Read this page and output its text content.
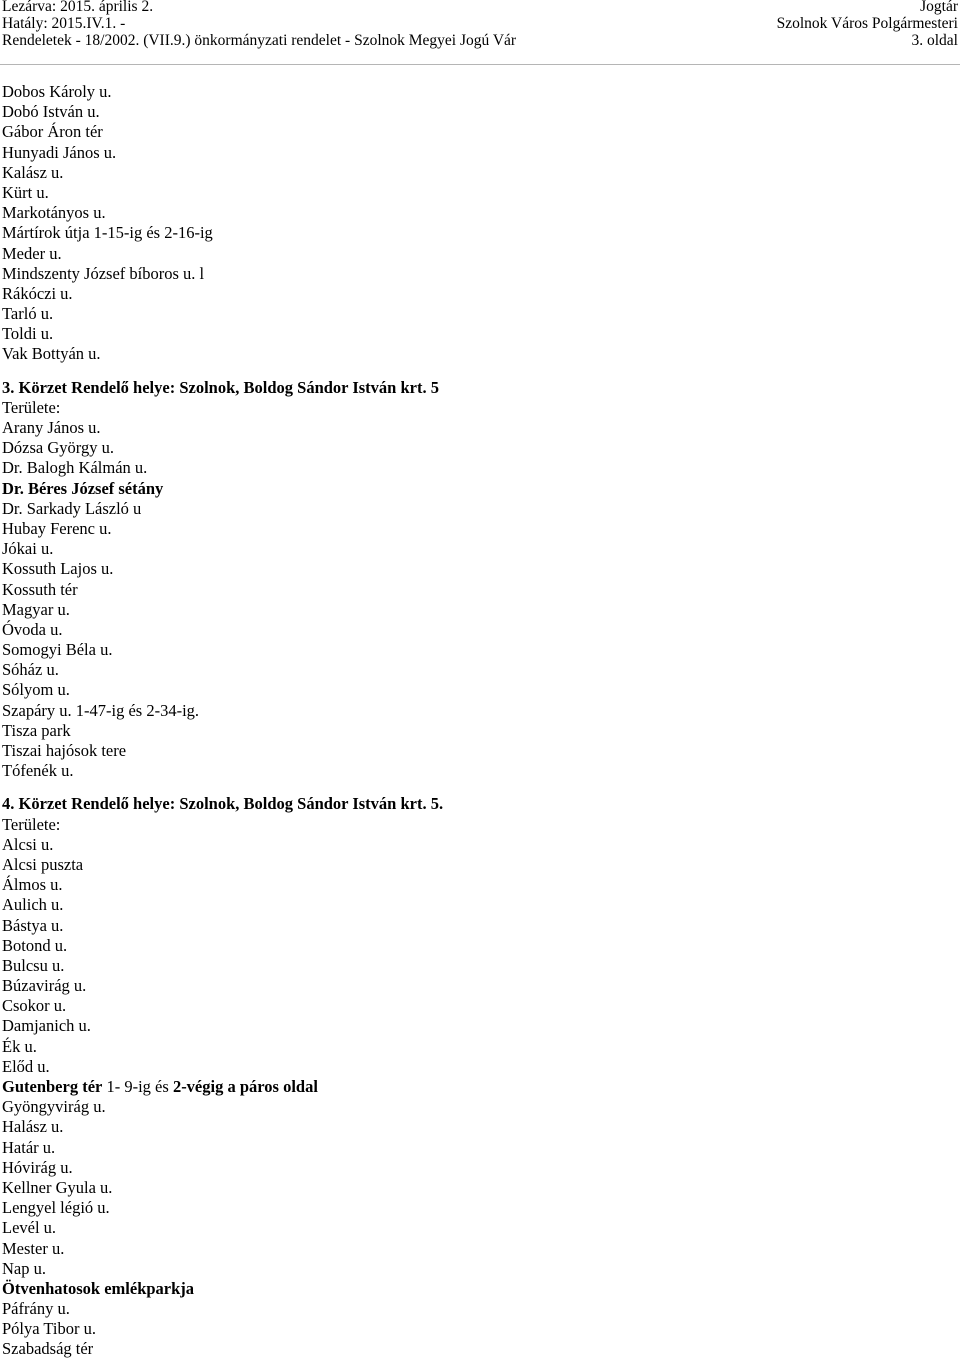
Lezárva: 2015. április 2.
Hatály: 2015.IV.1. -
Rendeletek - 18/2002. (VII.9.) önkormányzati rendelet - Szolnok Megyei Jogú Vár
Jogtár
Szolnok Város Polgármesteri
3. oldal
Dobos Károly u.
Dobó István u.
Gábor Áron tér
Hunyadi János u.
Kalász u.
Kürt u.
Markotányos u.
Mártírok útja 1-15-ig és 2-16-ig
Meder u.
Mindszenty József bíboros u. l
Rákóczi u.
Tarló u.
Toldi u.
Vak Bottyán u.
3. Körzet Rendelő helye: Szolnok, Boldog Sándor István krt. 5
Területe:
Arany János u.
Dózsa György u.
Dr. Balogh Kálmán u.
Dr. Béres József sétány
Dr. Sarkady László u
Hubay Ferenc u.
Jókai u.
Kossuth Lajos u.
Kossuth tér
Magyar u.
Óvoda u.
Somogyi Béla u.
Sóház u.
Sólyom u.
Szapáry u. 1-47-ig és 2-34-ig.
Tisza park
Tiszai hajósok tere
Tófenék u.
4. Körzet Rendelő helye: Szolnok, Boldog Sándor István krt. 5.
Területe:
Alcsi u.
Alcsi puszta
Álmos u.
Aulich u.
Bástya u.
Botond u.
Bulcsu u.
Búzavirág u.
Csokor u.
Damjanich u.
Ék u.
Előd u.
Gutenberg tér 1- 9-ig és 2-végig a páros oldal
Gyöngyvirág u.
Halász u.
Határ u.
Hóvirág u.
Kellner Gyula u.
Lengyel légió u.
Levél u.
Mester u.
Nap u.
Ötvenhatosok emlékparkja
Páfrány u.
Pólya Tibor u.
Szabadság tér
